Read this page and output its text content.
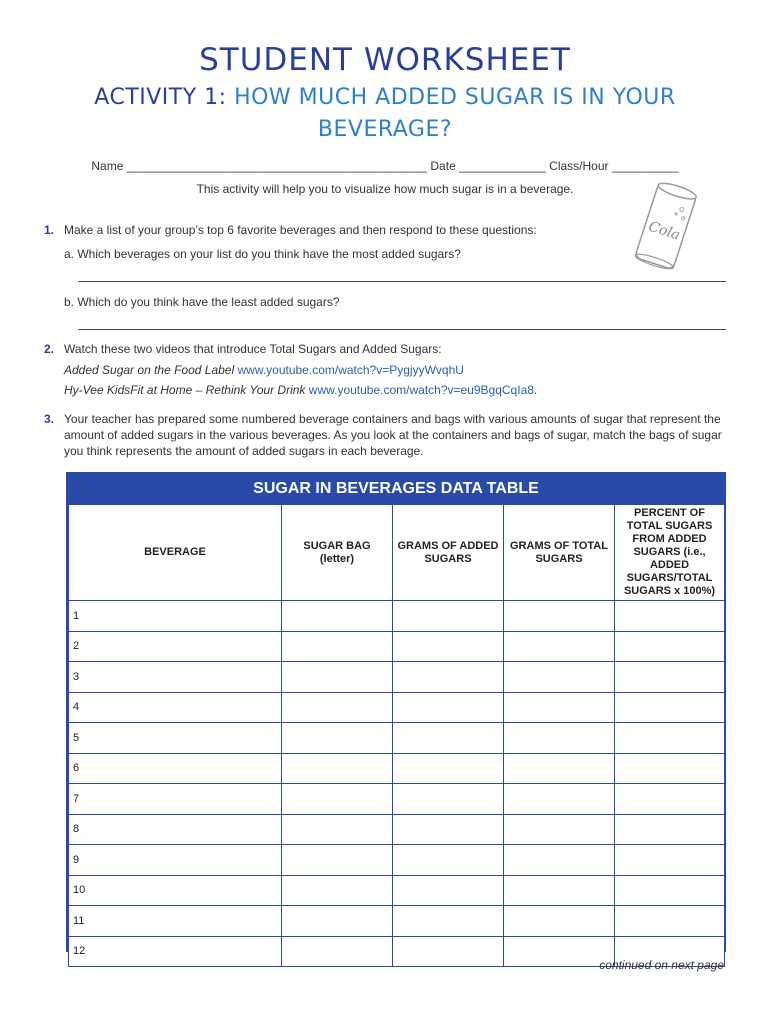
STUDENT WORKSHEET
ACTIVITY 1: HOW MUCH ADDED SUGAR IS IN YOUR BEVERAGE?
Name _____________________________________________ Date _____________ Class/Hour __________
This activity will help you to visualize how much sugar is in a beverage.
Cola
1. Make a list of your group’s top 6 favorite beverages and then respond to these questions:
a. Which beverages on your list do you think have the most added sugars?
b. Which do you think have the least added sugars?
2. Watch these two videos that introduce Total Sugars and Added Sugars:
Added Sugar on the Food Label www.youtube.com/watch?v=PygjyyWvqhU
Hy-Vee KidsFit at Home – Rethink Your Drink www.youtube.com/watch?v=eu9BgqCqIa8.
3. Your teacher has prepared some numbered beverage containers and bags with various amounts of sugar that represent the amount of added sugars in the various beverages. As you look at the containers and bags of sugar, match the bags of sugar you think represents the amount of added sugars in each beverage.
SUGAR IN BEVERAGES DATA TABLE
BEVERAGE	SUGAR BAG (letter)	GRAMS OF ADDED SUGARS	GRAMS OF TOTAL SUGARS	PERCENT OF TOTAL SUGARS FROM ADDED SUGARS (i.e., ADDED SUGARS/TOTAL SUGARS x 100%)
1				
2				
3				
4				
5				
6				
7				
8				
9				
10				
11				
12				
continued on next page
